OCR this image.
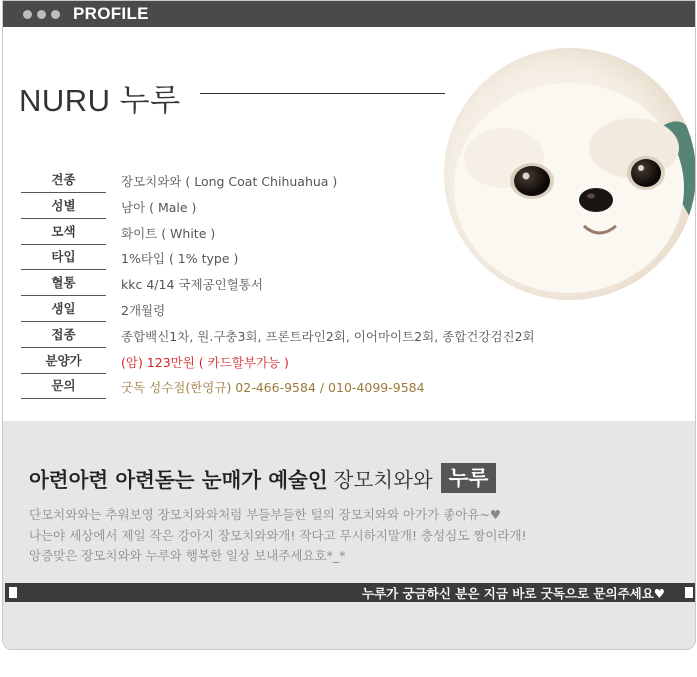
PROFILE
NURU 누루
견종	장모치와와 ( Long Coat Chihuahua )
성별	남아 ( Male )
모색	화이트 ( White )
타입	1%타입 ( 1% type )
혈통	kkc 4/14 국제공인혈통서
생일	2개월령
접종	종합백신1차, 원.구충3회, 프론트라인2회, 이어마이트2회, 종합건강검진2회
분양가	(암) 123만원 ( 카드할부가능 )
문의	굿독 성수점(한영규) 02-466-9584 / 010-4099-9584
아련아련 아련돋는 눈매가 예술인 장모치와와 누루
단모치와와는 추워보영 장모치와와처럼 부들부들한 털의 장모치와와 아가가 좋아유~♥
나는야 세상에서 제일 작은 강아지 장모치와와개! 작다고 무시하지말개! 충성심도 짱이라개!
앙증맞은 장모치와와 누루와 행복한 일상 보내주세요호*_*
누루가 궁금하신 분은 지금 바로 굿독으로 문의주세요♥
